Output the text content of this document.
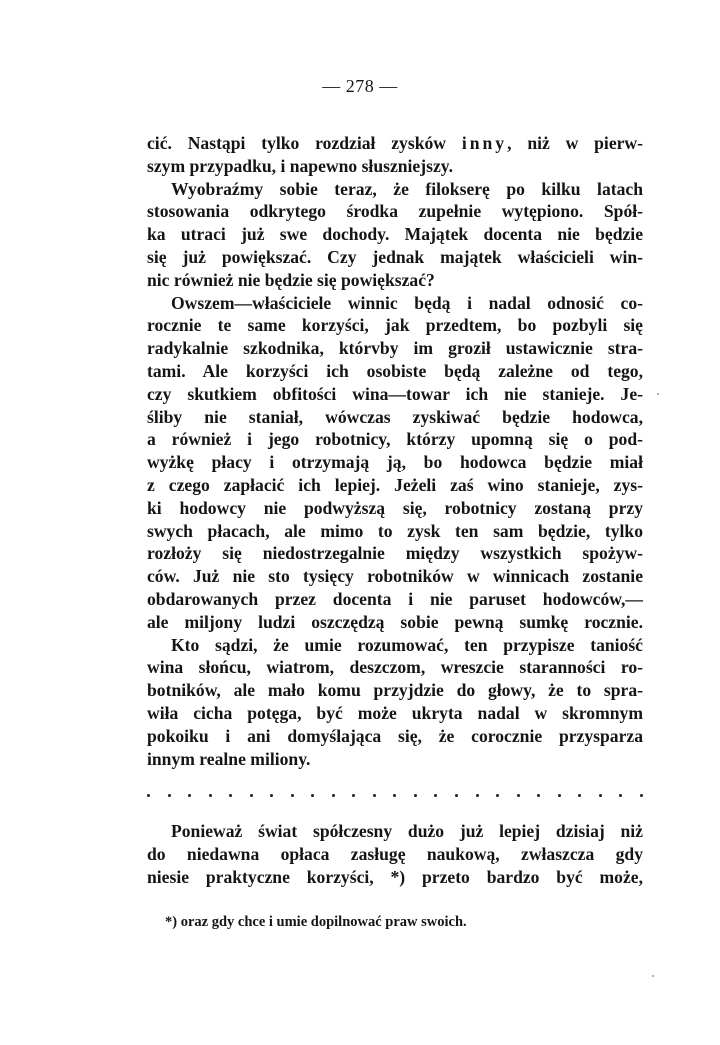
— 278 —
cić. Nastąpi tylko rozdział zysków inny, niż w pierw-
szym przypadku, i napewno słuszniejszy.
Wyobraźmy sobie teraz, że filokserę po kilku latach
stosowania odkrytego środka zupełnie wytępiono. Spół-
ka utraci już swe dochody. Majątek docenta nie będzie
się już powiększać. Czy jednak majątek właścicieli win-
nic również nie będzie się powiększać?
Owszem—właściciele winnic będą i nadal odnosić co-
rocznie te same korzyści, jak przedtem, bo pozbyli się
radykalnie szkodnika, którvby im groził ustawicznie stra-
tami. Ale korzyści ich osobiste będą zależne od tego,
czy skutkiem obfitości wina—towar ich nie stanieje. Je-
śliby nie staniał, wówczas zyskiwać będzie hodowca,
a również i jego robotnicy, którzy upomną się o pod-
wyżkę płacy i otrzymają ją, bo hodowca będzie miał
z czego zapłacić ich lepiej. Jeżeli zaś wino stanieje, zys-
ki hodowcy nie podwyższą się, robotnicy zostaną przy
swych płacach, ale mimo to zysk ten sam będzie, tylko
rozłoży się niedostrzegalnie między wszystkich spożyw-
ców. Już nie sto tysięcy robotników w winnicach zostanie
obdarowanych przez docenta i nie paruset hodowców,—
ale miljony ludzi oszczędzą sobie pewną sumkę rocznie.
Kto sądzi, że umie rozumować, ten przypisze taniość
wina słońcu, wiatrom, deszczom, wreszcie staranności ro-
botników, ale mało komu przyjdzie do głowy, że to spra-
wiła cicha potęga, być może ukryta nadal w skromnym
pokoiku i ani domyślająca się, że corocznie przysparza
innym realne miliony.
Ponieważ świat spółczesny dużo już lepiej dzisiaj niż
do niedawna opłaca zasługę naukową, zwłaszcza gdy
niesie praktyczne korzyści, *) przeto bardzo być może,
*) oraz gdy chce i umie dopilnować praw swoich.
